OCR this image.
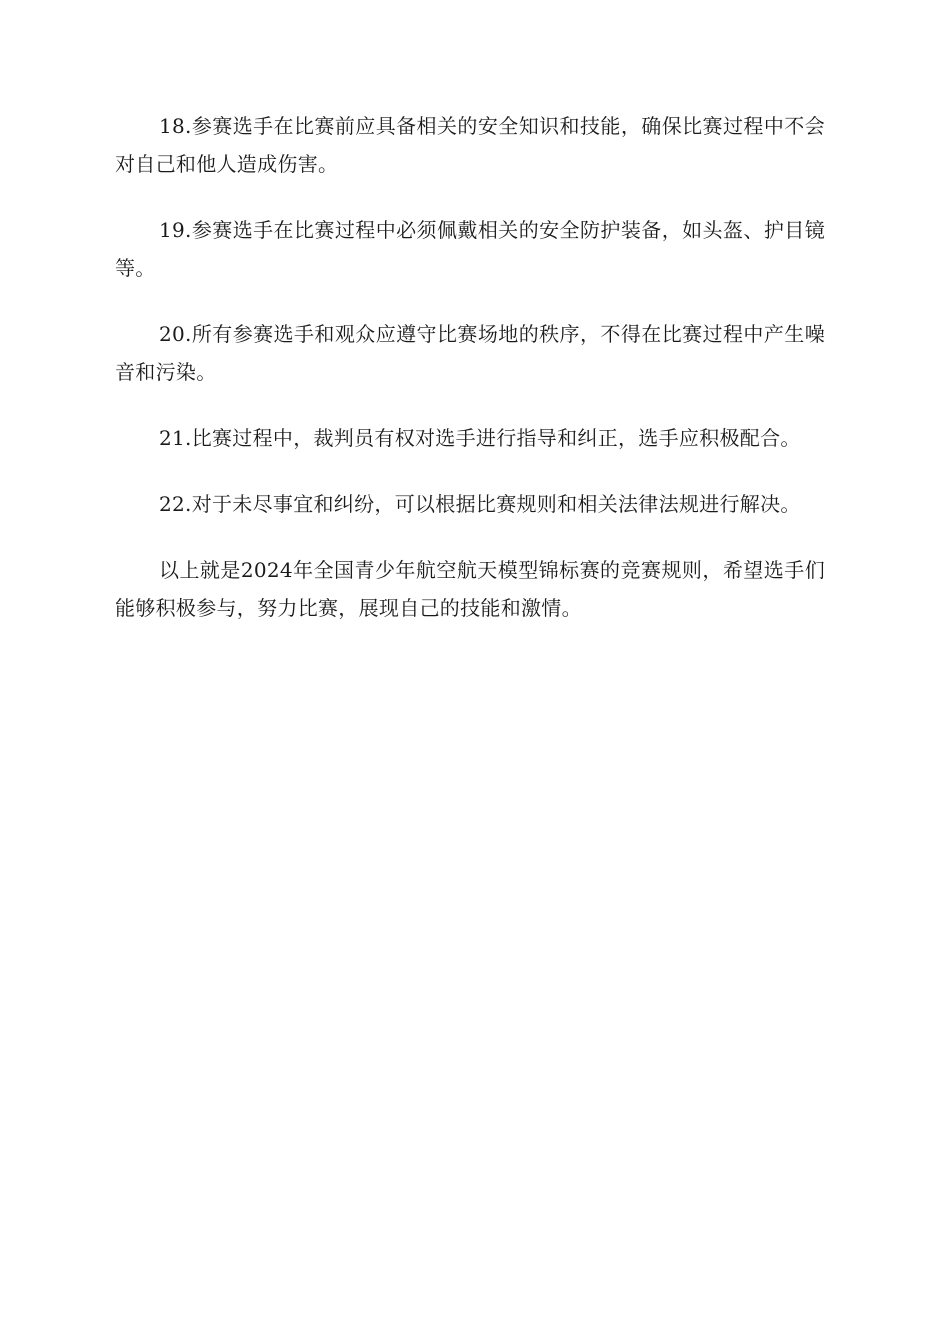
18.参赛选手在比赛前应具备相关的安全知识和技能，确保比赛过程中不会对自己和他人造成伤害。

19.参赛选手在比赛过程中必须佩戴相关的安全防护装备，如头盔、护目镜等。

20.所有参赛选手和观众应遵守比赛场地的秩序，不得在比赛过程中产生噪音和污染。

21.比赛过程中，裁判员有权对选手进行指导和纠正，选手应积极配合。

22.对于未尽事宜和纠纷，可以根据比赛规则和相关法律法规进行解决。

以上就是2024年全国青少年航空航天模型锦标赛的竞赛规则，希望选手们能够积极参与，努力比赛，展现自己的技能和激情。
